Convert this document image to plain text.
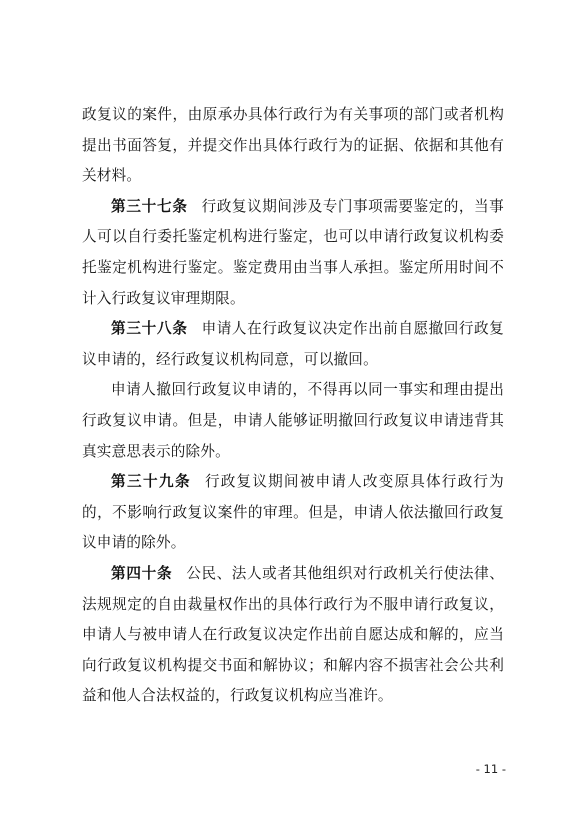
政复议的案件，由原承办具体行政行为有关事项的部门或者机构提出书面答复，并提交作出具体行政行为的证据、依据和其他有关材料。

第三十七条 行政复议期间涉及专门事项需要鉴定的，当事人可以自行委托鉴定机构进行鉴定，也可以申请行政复议机构委托鉴定机构进行鉴定。鉴定费用由当事人承担。鉴定所用时间不计入行政复议审理期限。

第三十八条 申请人在行政复议决定作出前自愿撤回行政复议申请的，经行政复议机构同意，可以撤回。

申请人撤回行政复议申请的，不得再以同一事实和理由提出行政复议申请。但是，申请人能够证明撤回行政复议申请违背其真实意思表示的除外。

第三十九条 行政复议期间被申请人改变原具体行政行为的，不影响行政复议案件的审理。但是，申请人依法撤回行政复议申请的除外。

第四十条 公民、法人或者其他组织对行政机关行使法律、法规规定的自由裁量权作出的具体行政行为不服申请行政复议，申请人与被申请人在行政复议决定作出前自愿达成和解的，应当向行政复议机构提交书面和解协议；和解内容不损害社会公共利益和他人合法权益的，行政复议机构应当准许。

- 11 -
